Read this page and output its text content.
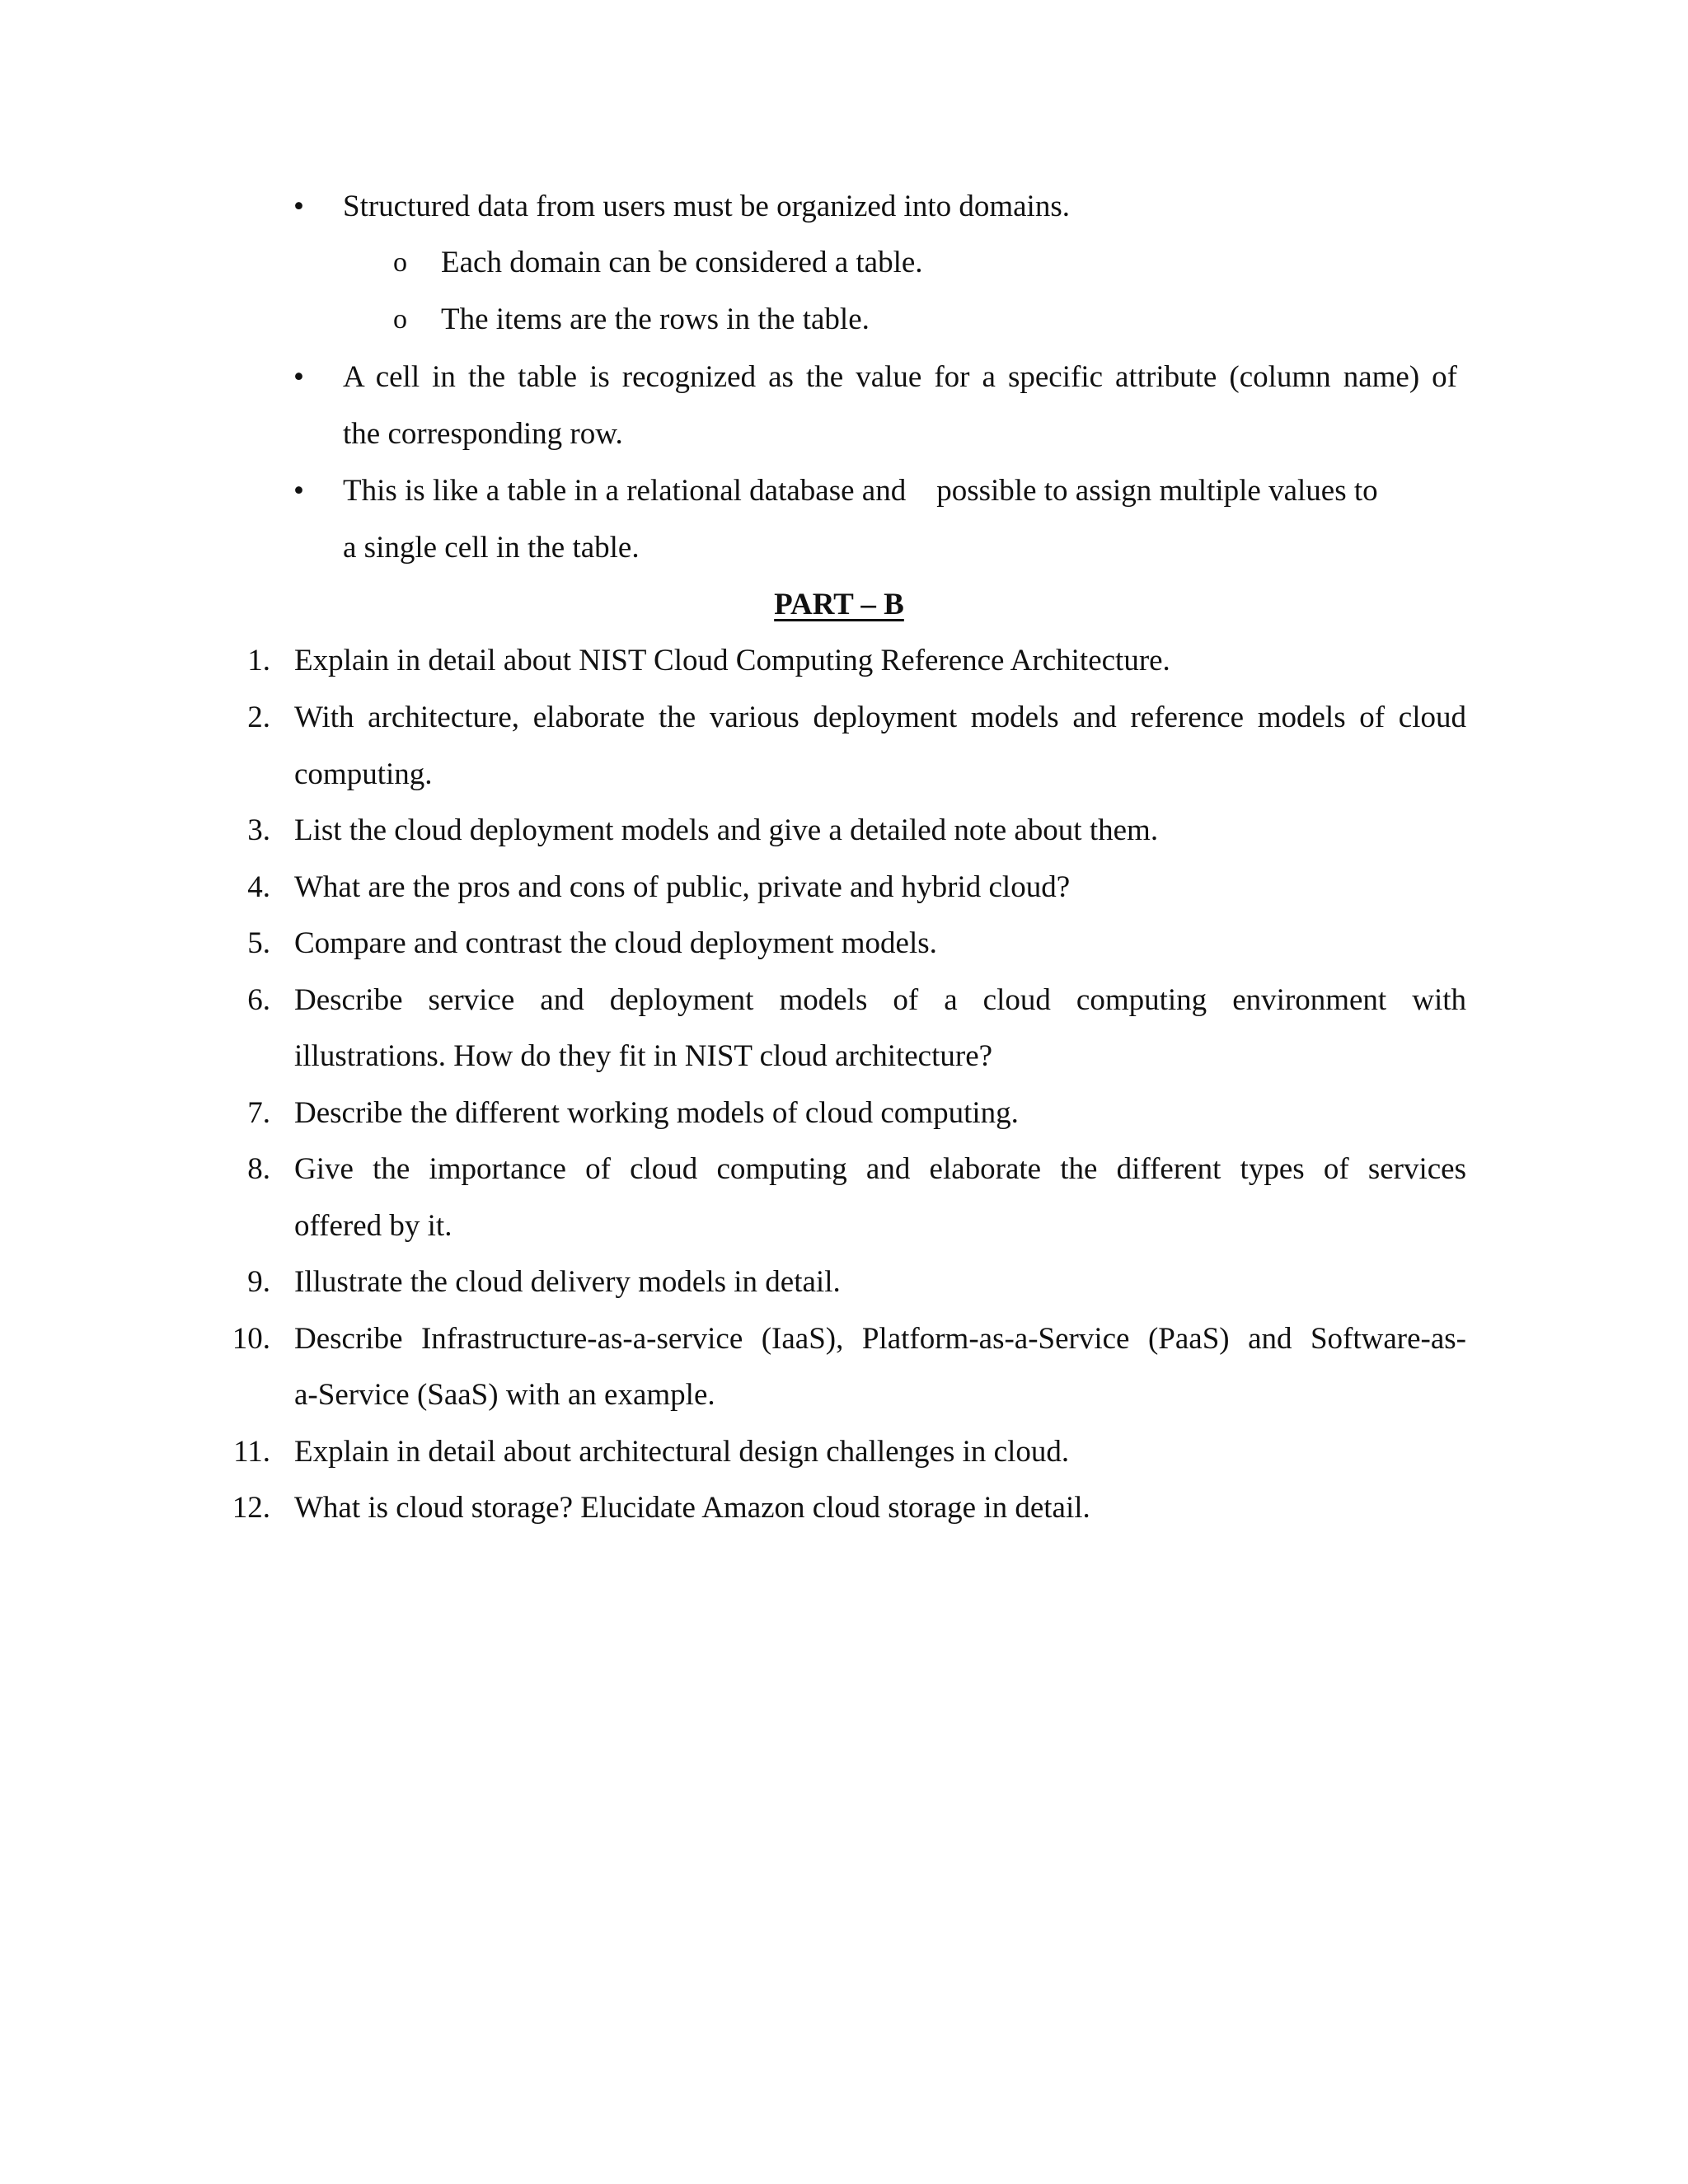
• Structured data from users must be organized into domains.
o Each domain can be considered a table.
o The items are the rows in the table.
• A cell in the table is recognized as the value for a specific attribute (column name) of
the corresponding row.
• This is like a table in a relational database and    possible to assign multiple values to
a single cell in the table.
PART – B
1. Explain in detail about NIST Cloud Computing Reference Architecture.
2. With architecture, elaborate the various deployment models and reference models of cloud
computing.
3. List the cloud deployment models and give a detailed note about them.
4. What are the pros and cons of public, private and hybrid cloud?
5. Compare and contrast the cloud deployment models.
6. Describe service and deployment models of a cloud computing environment with
illustrations. How do they fit in NIST cloud architecture?
7. Describe the different working models of cloud computing.
8. Give the importance of cloud computing and elaborate the different types of services
offered by it.
9. Illustrate the cloud delivery models in detail.
10. Describe Infrastructure-as-a-service (IaaS), Platform-as-a-Service (PaaS) and Software-as-
a-Service (SaaS) with an example.
11. Explain in detail about architectural design challenges in cloud.
12. What is cloud storage? Elucidate Amazon cloud storage in detail.
